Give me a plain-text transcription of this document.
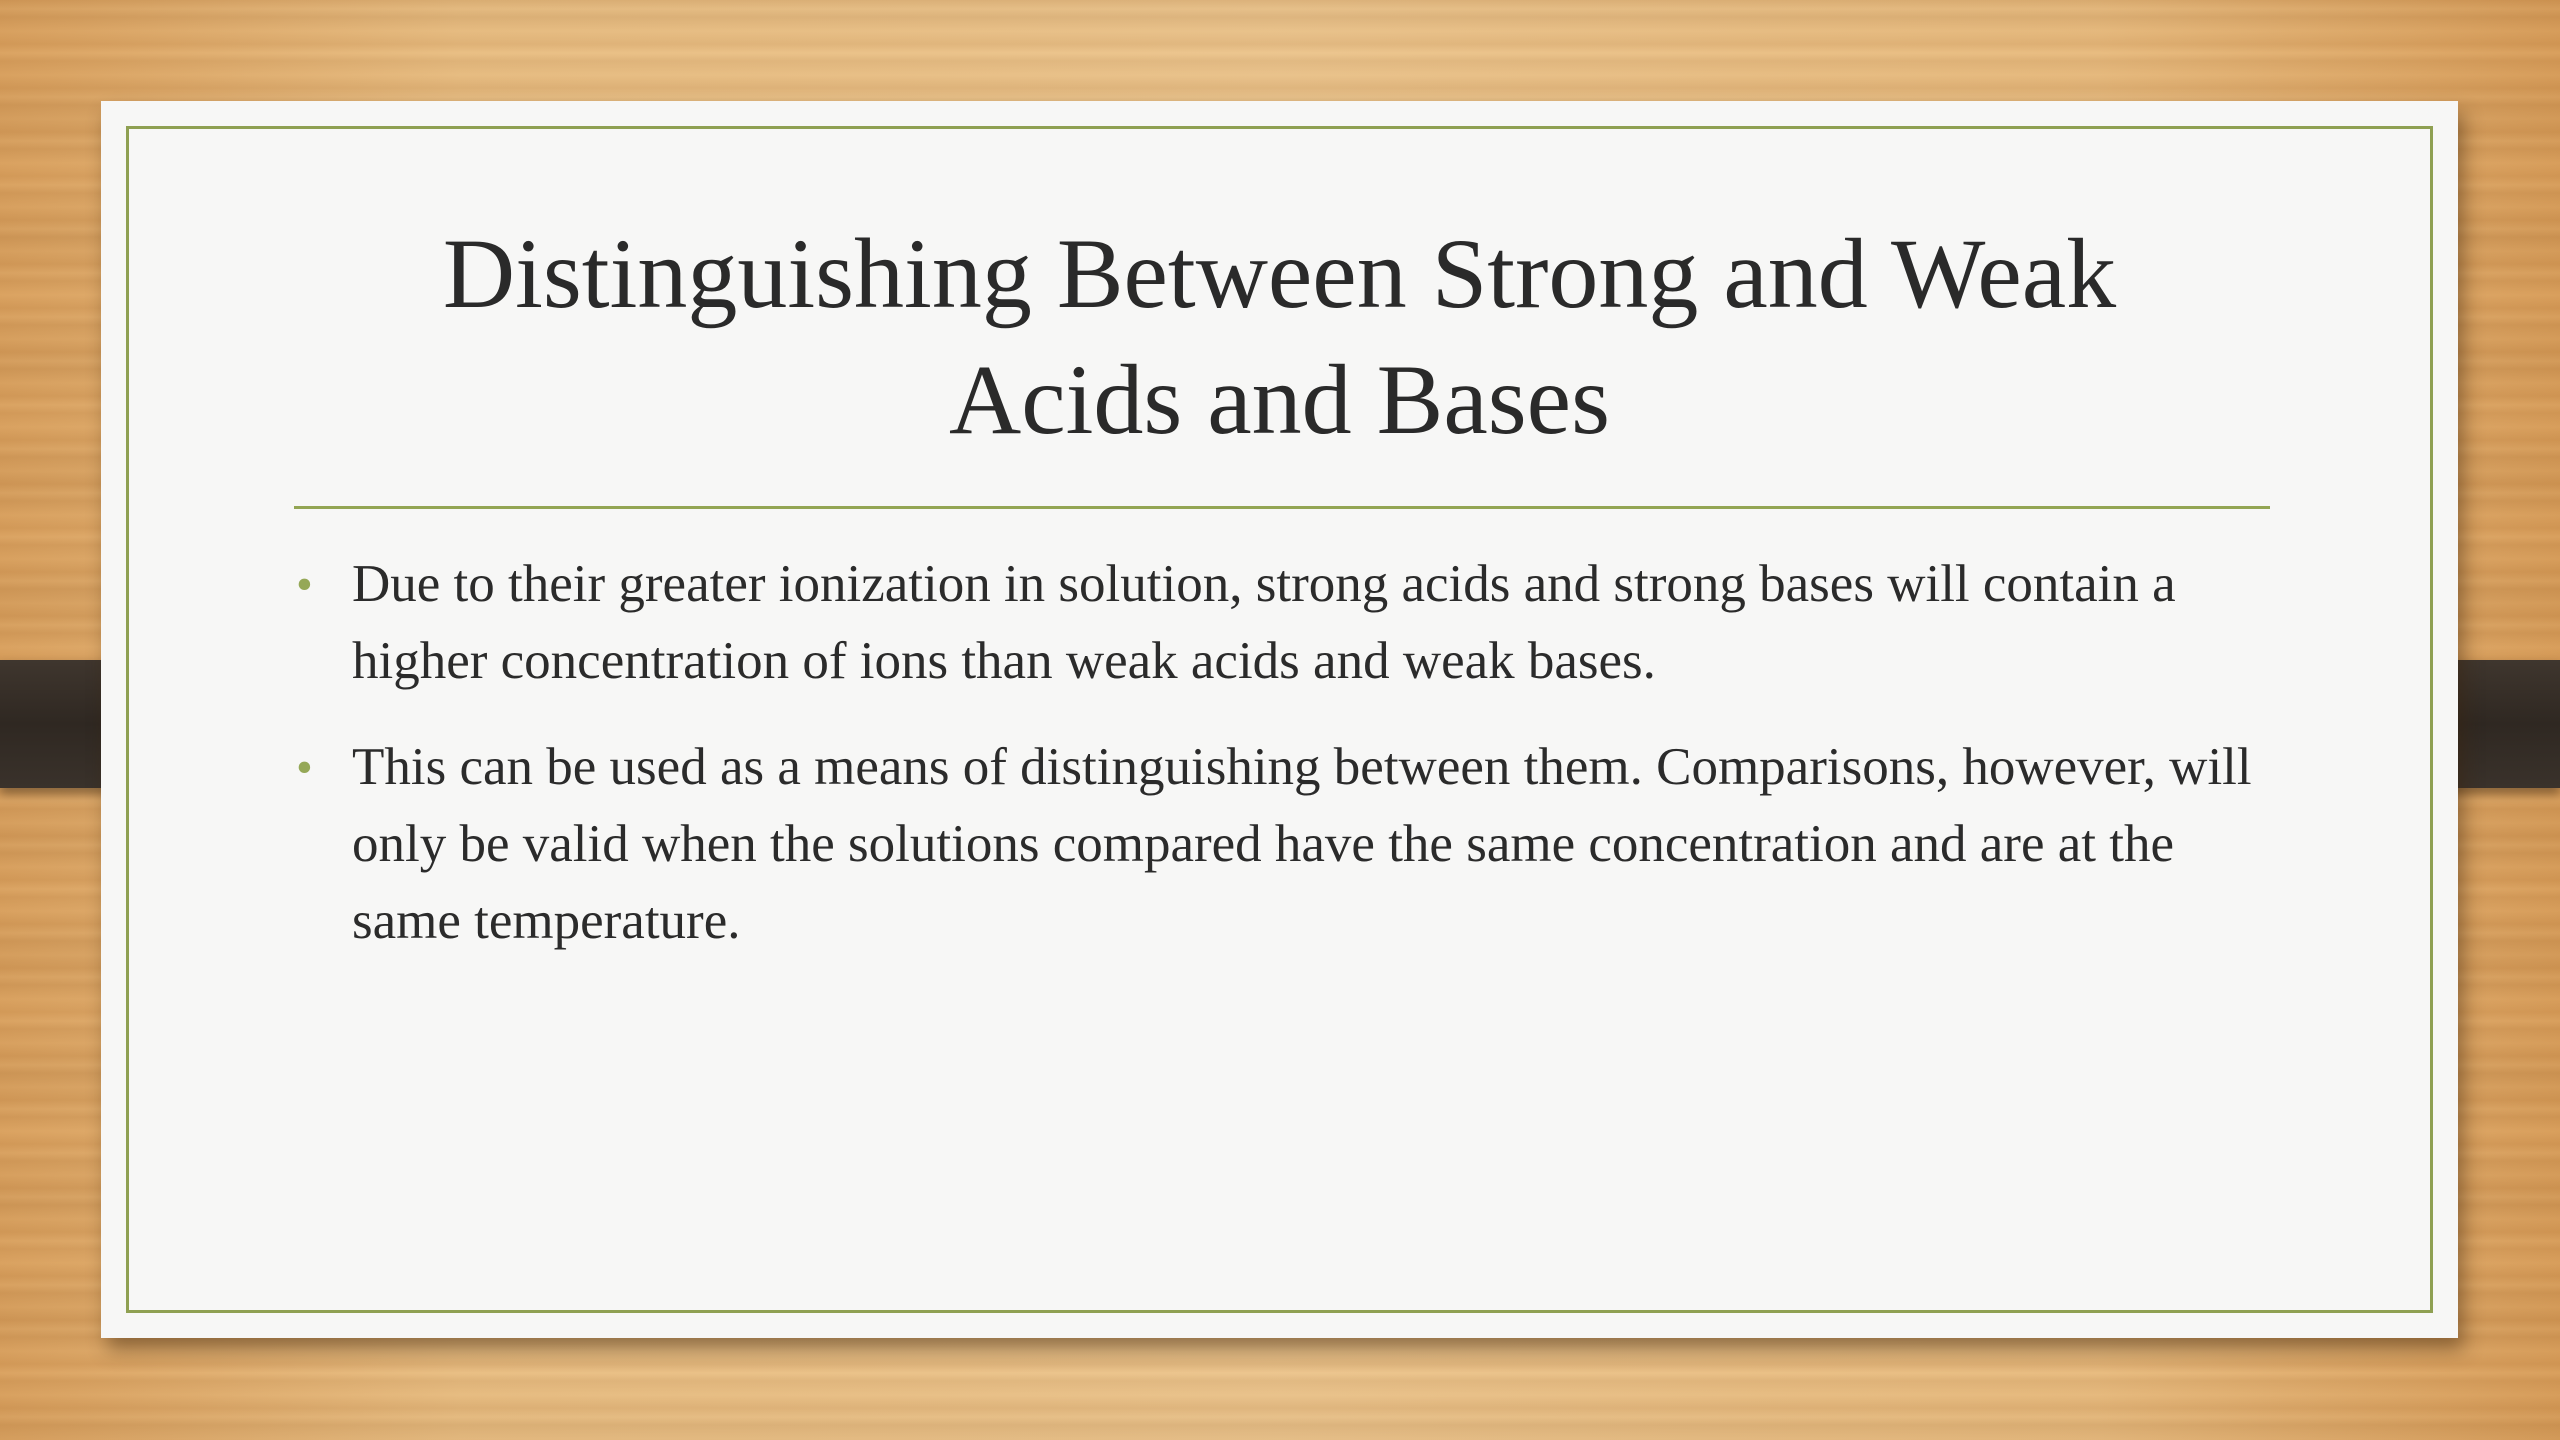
Distinguishing Between Strong and Weak
Acids and Bases
• Due to their greater ionization in solution, strong acids and strong bases will contain a higher concentration of ions than weak acids and weak bases.
• This can be used as a means of distinguishing between them. Comparisons, however, will only be valid when the solutions compared have the same concentration and are at the same temperature.
